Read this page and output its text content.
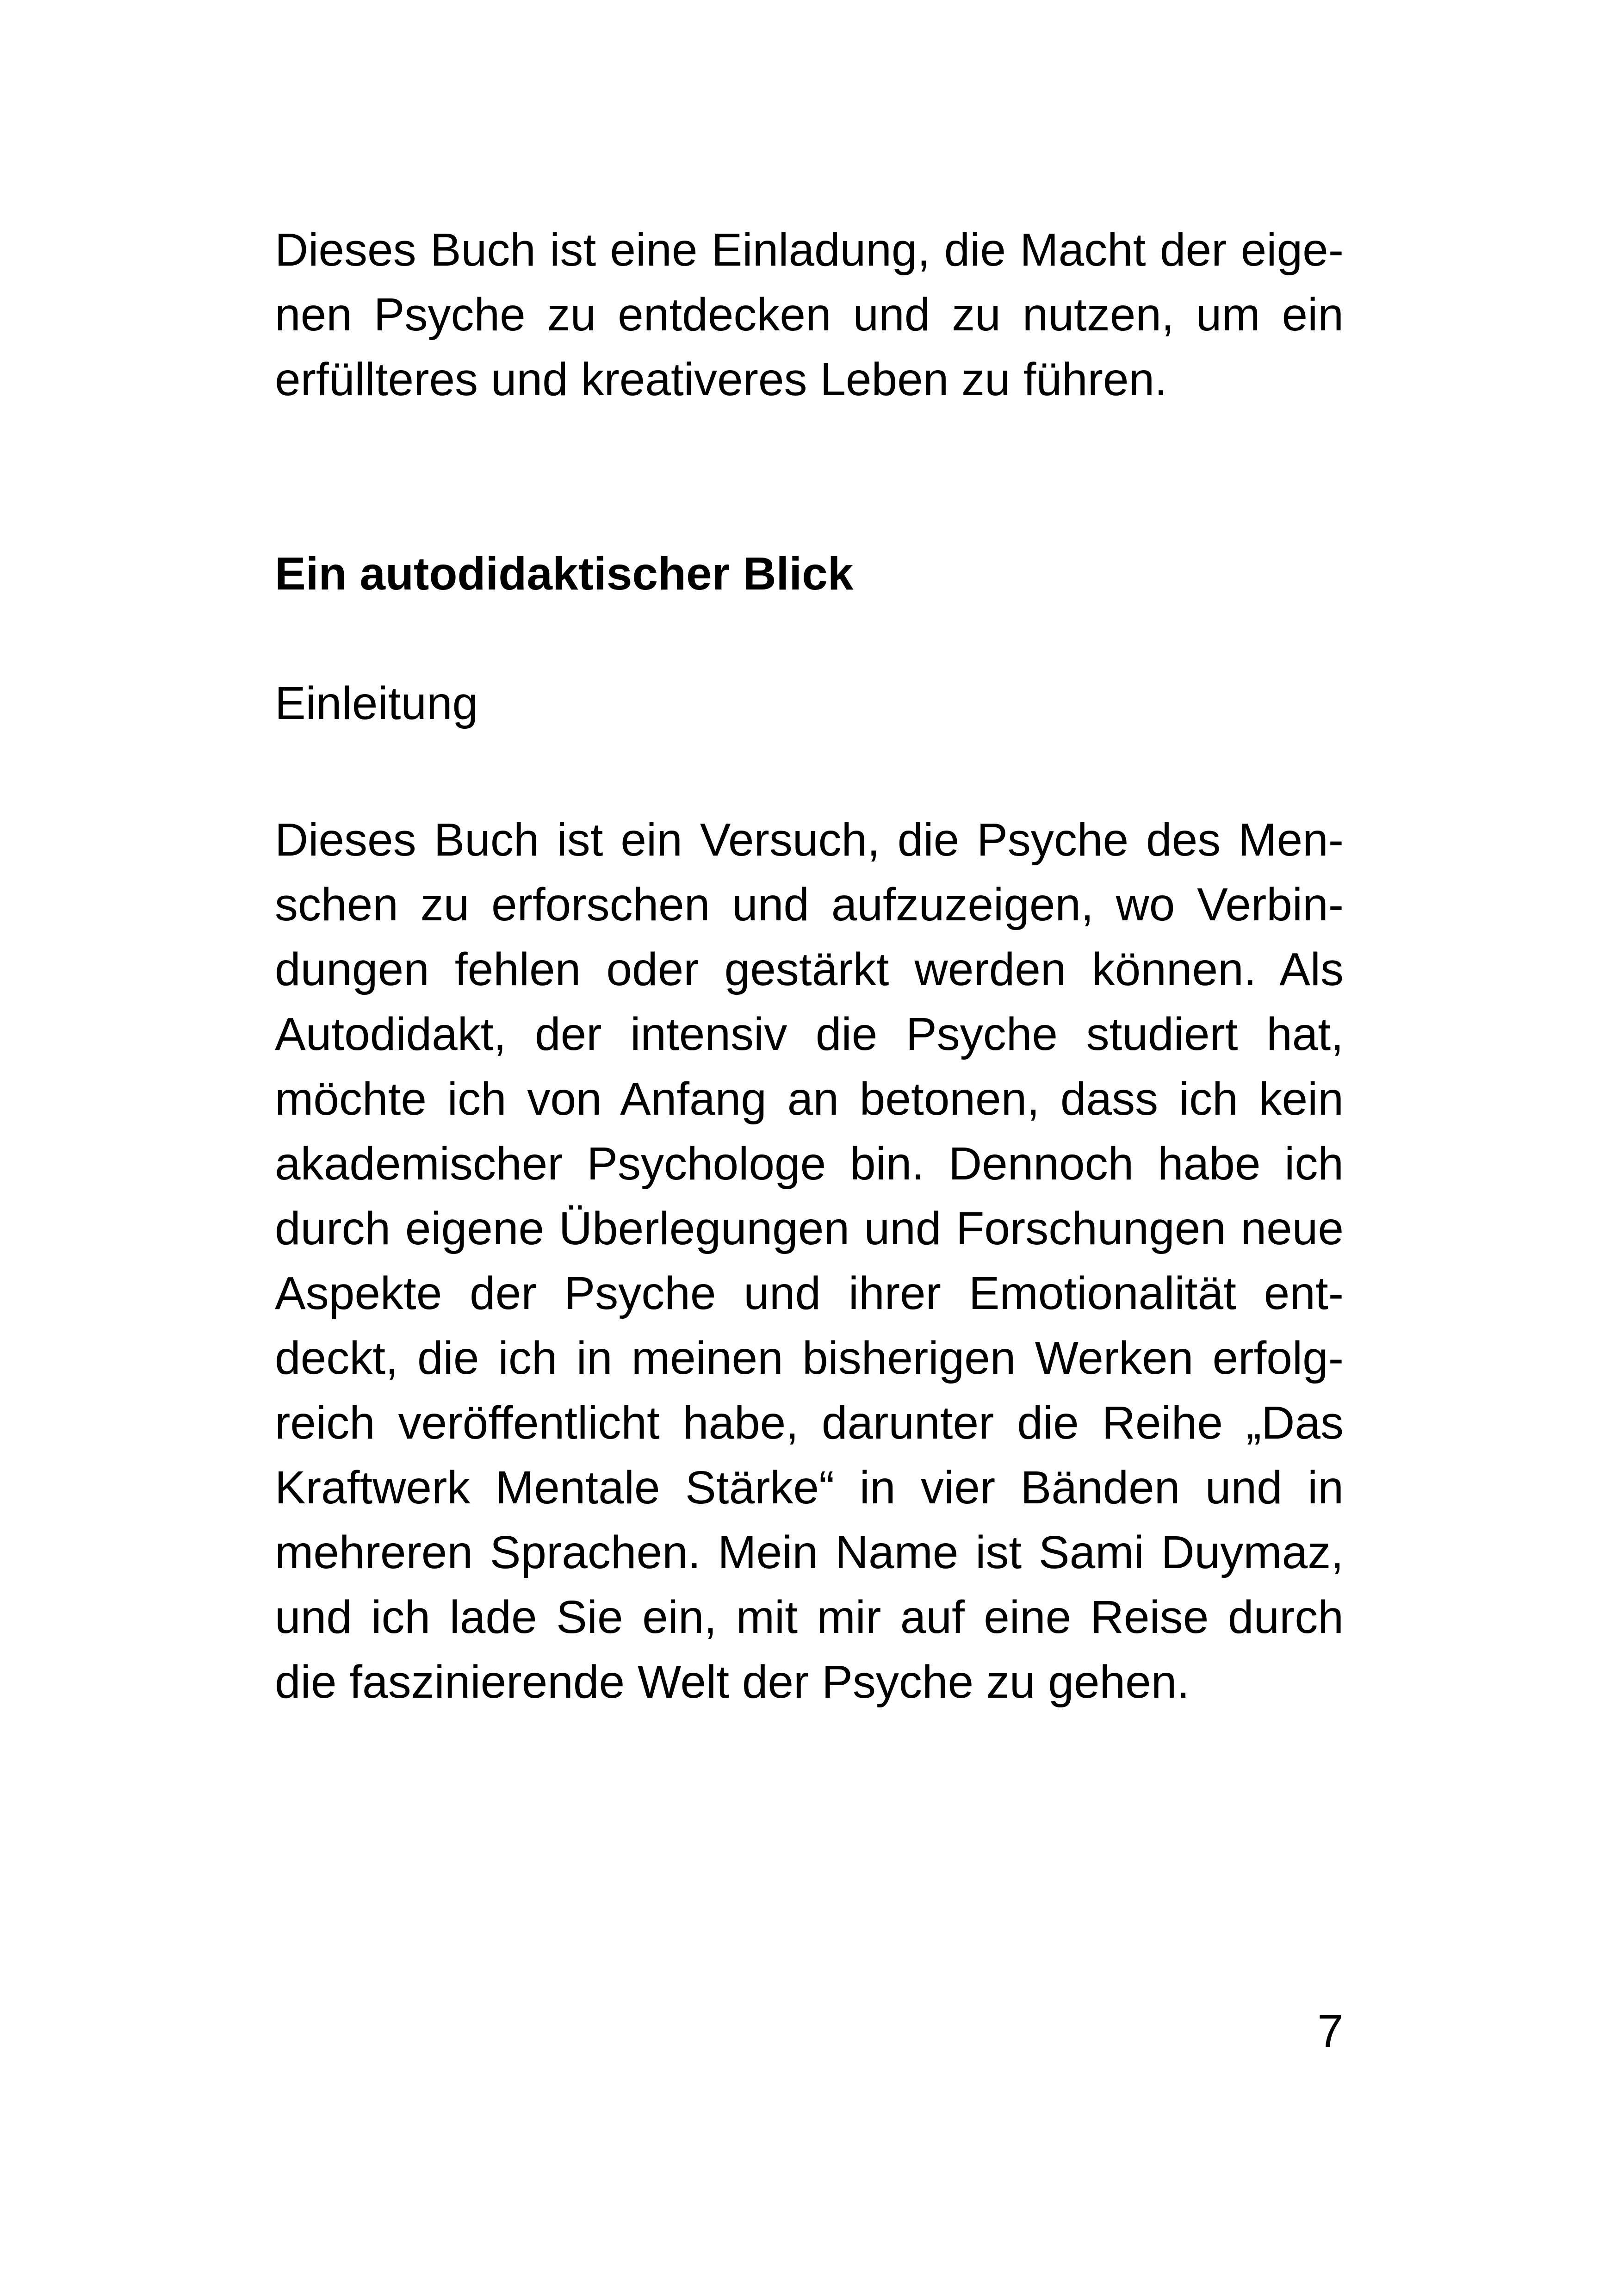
Dieses Buch ist eine Einladung, die Macht der eige-
nen Psyche zu entdecken und zu nutzen, um ein
erfüllteres und kreativeres Leben zu führen.
Ein autodidaktischer Blick
Einleitung
Dieses Buch ist ein Versuch, die Psyche des Men-
schen zu erforschen und aufzuzeigen, wo Verbin-
dungen fehlen oder gestärkt werden können. Als
Autodidakt, der intensiv die Psyche studiert hat,
möchte ich von Anfang an betonen, dass ich kein
akademischer Psychologe bin. Dennoch habe ich
durch eigene Überlegungen und Forschungen neue
Aspekte der Psyche und ihrer Emotionalität ent-
deckt, die ich in meinen bisherigen Werken erfolg-
reich veröffentlicht habe, darunter die Reihe „Das
Kraftwerk Mentale Stärke“ in vier Bänden und in
mehreren Sprachen. Mein Name ist Sami Duymaz,
und ich lade Sie ein, mit mir auf eine Reise durch
die faszinierende Welt der Psyche zu gehen.
7
